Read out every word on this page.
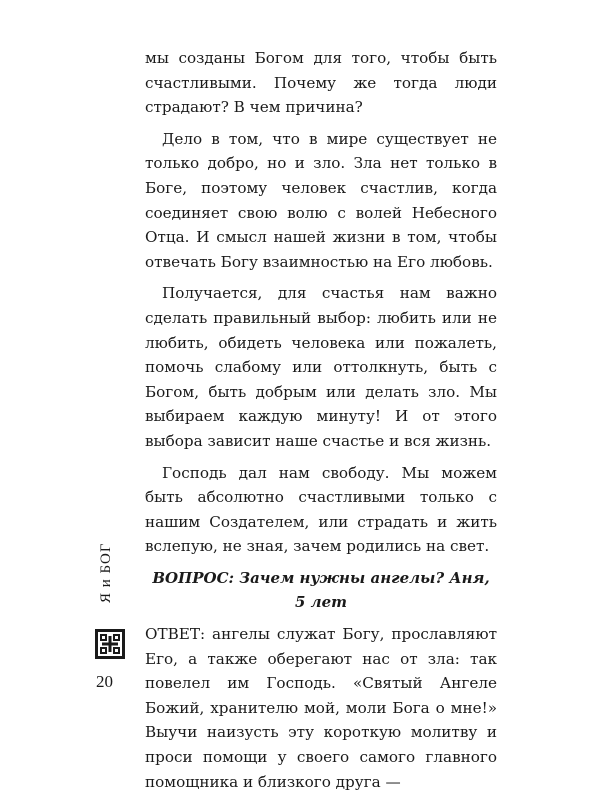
мы созданы Богом для того, чтобы быть счастливыми. Почему же тогда люди страдают? В чем причина?

Дело в том, что в мире существует не только добро, но и зло. Зла нет только в Боге, поэтому человек счастлив, когда соединяет свою волю с волей Небесного Отца. И смысл нашей жизни в том, чтобы отвечать Богу взаимностью на Его любовь.

Получается, для счастья нам важно сделать правильный выбор: любить или не любить, обидеть человека или пожалеть, помочь слабому или оттолкнуть, быть с Богом, быть добрым или делать зло. Мы выбираем каждую минуту! И от этого выбора зависит наше счастье и вся жизнь.

Господь дал нам свободу. Мы можем быть абсолютно счастливыми только с нашим Создателем, или страдать и жить вслепую, не зная, зачем родились на свет.

ВОПРОС: Зачем нужны ангелы? Аня, 5 лет

ОТВЕТ: ангелы служат Богу, прославляют Его, а также оберегают нас от зла: так повелел им Господь. «Святый Ангеле Божий, хранителю мой, моли Бога о мне!» Выучи наизусть эту короткую молитву и проси помощи у своего самого главного помощника и близкого друга —

Я и БОГ
20
